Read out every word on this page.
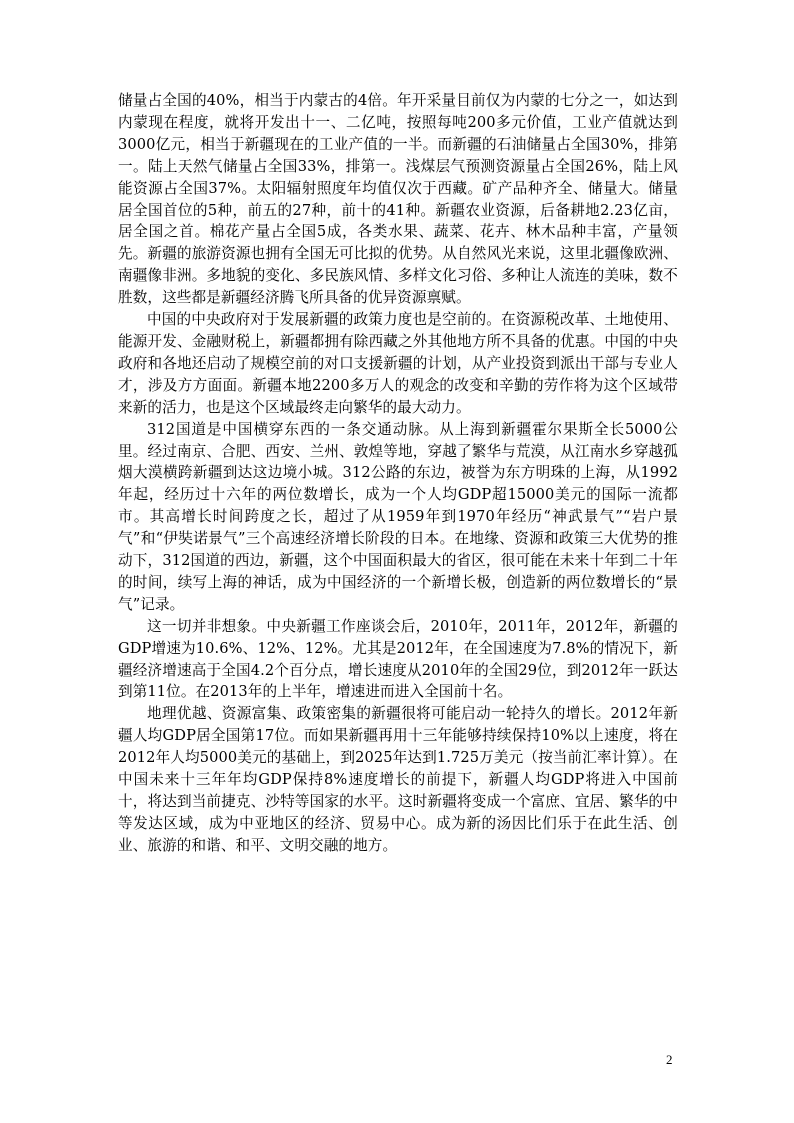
储量占全国的40%，相当于内蒙古的4倍。年开采量目前仅为内蒙的七分之一，如达到内蒙现在程度，就将开发出十一、二亿吨，按照每吨200多元价值，工业产值就达到3000亿元，相当于新疆现在的工业产值的一半。而新疆的石油储量占全国30%，排第一。陆上天然气储量占全国33%，排第一。浅煤层气预测资源量占全国26%，陆上风能资源占全国37%。太阳辐射照度年均值仅次于西藏。矿产品种齐全、储量大。储量居全国首位的5种，前五的27种，前十的41种。新疆农业资源，后备耕地2.23亿亩，居全国之首。棉花产量占全国5成，各类水果、蔬菜、花卉、林木品种丰富，产量领先。新疆的旅游资源也拥有全国无可比拟的优势。从自然风光来说，这里北疆像欧洲、南疆像非洲。多地貌的变化、多民族风情、多样文化习俗、多种让人流连的美味，数不胜数，这些都是新疆经济腾飞所具备的优异资源禀赋。

中国的中央政府对于发展新疆的政策力度也是空前的。在资源税改革、土地使用、能源开发、金融财税上，新疆都拥有除西藏之外其他地方所不具备的优惠。中国的中央政府和各地还启动了规模空前的对口支援新疆的计划，从产业投资到派出干部与专业人才，涉及方方面面。新疆本地2200多万人的观念的改变和辛勤的劳作将为这个区域带来新的活力，也是这个区域最终走向繁华的最大动力。

312国道是中国横穿东西的一条交通动脉。从上海到新疆霍尔果斯全长5000公里。经过南京、合肥、西安、兰州、敦煌等地，穿越了繁华与荒漠，从江南水乡穿越孤烟大漠横跨新疆到达这边境小城。312公路的东边，被誉为东方明珠的上海，从1992年起，经历过十六年的两位数增长，成为一个人均GDP超15000美元的国际一流都市。其高增长时间跨度之长，超过了从1959年到1970年经历“神武景气”“岩户景气”和“伊奘诺景气”三个高速经济增长阶段的日本。在地缘、资源和政策三大优势的推动下，312国道的西边，新疆，这个中国面积最大的省区，很可能在未来十年到二十年的时间，续写上海的神话，成为中国经济的一个新增长极，创造新的两位数增长的“景气”记录。

这一切并非想象。中央新疆工作座谈会后，2010年，2011年，2012年，新疆的GDP增速为10.6%、12%、12%。尤其是2012年，在全国速度为7.8%的情况下，新疆经济增速高于全国4.2个百分点，增长速度从2010年的全国29位，到2012年一跃达到第11位。在2013年的上半年，增速进而进入全国前十名。

地理优越、资源富集、政策密集的新疆很将可能启动一轮持久的增长。2012年新疆人均GDP居全国第17位。而如果新疆再用十三年能够持续保持10%以上速度，将在2012年人均5000美元的基础上，到2025年达到1.725万美元（按当前汇率计算）。在中国未来十三年年均GDP保持8%速度增长的前提下，新疆人均GDP将进入中国前十，将达到当前捷克、沙特等国家的水平。这时新疆将变成一个富庶、宜居、繁华的中等发达区域，成为中亚地区的经济、贸易中心。成为新的汤因比们乐于在此生活、创业、旅游的和谐、和平、文明交融的地方。

2
